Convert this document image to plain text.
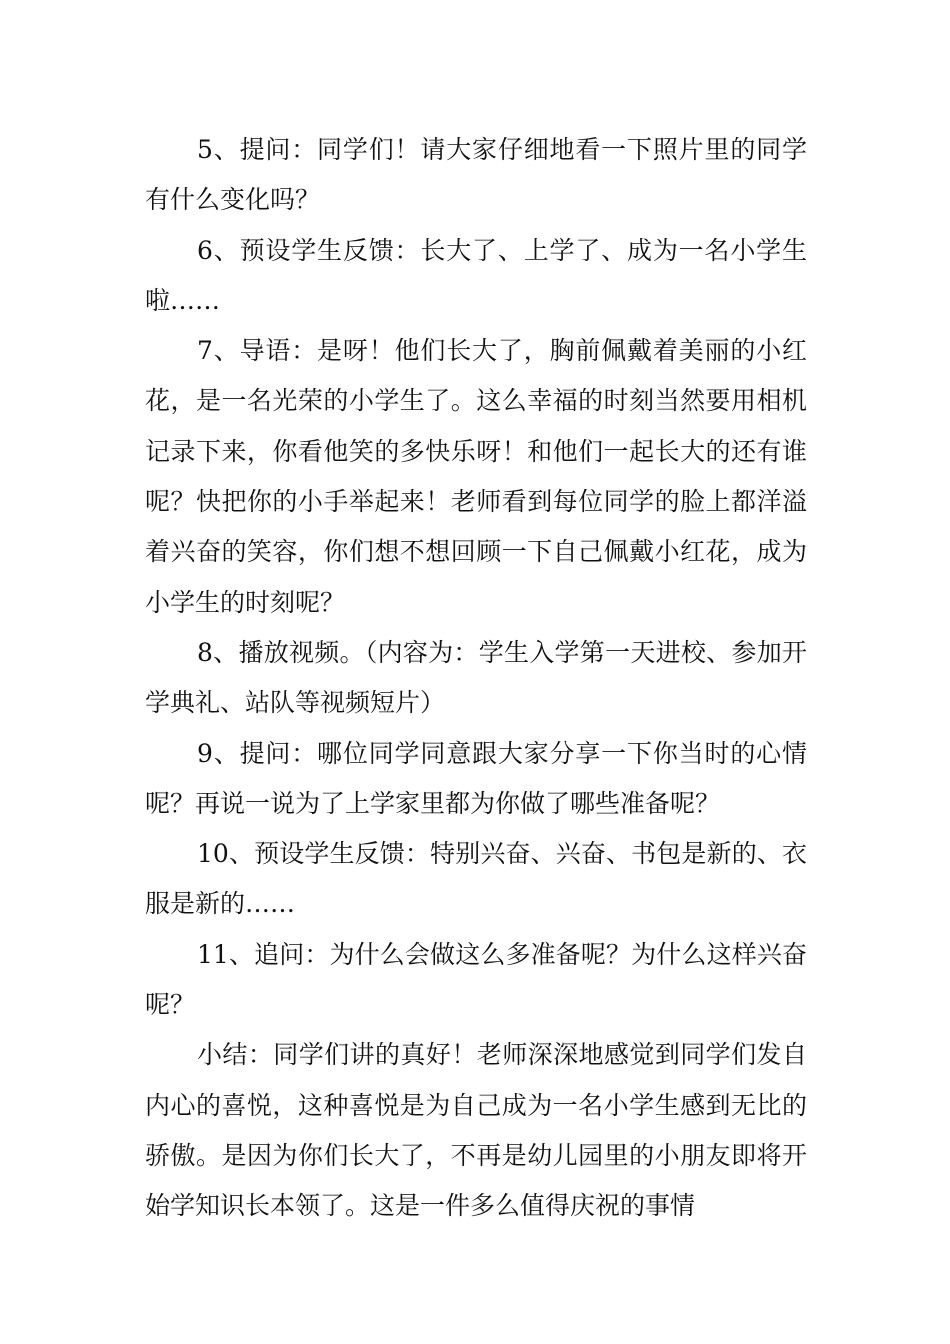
5、提问：同学们！请大家仔细地看一下照片里的同学有什么变化吗？

6、预设学生反馈：长大了、上学了、成为一名小学生啦……

7、导语：是呀！他们长大了，胸前佩戴着美丽的小红花，是一名光荣的小学生了。这么幸福的时刻当然要用相机记录下来，你看他笑的多快乐呀！和他们一起长大的还有谁呢？快把你的小手举起来！老师看到每位同学的脸上都洋溢着兴奋的笑容，你们想不想回顾一下自己佩戴小红花，成为小学生的时刻呢？

8、播放视频。（内容为：学生入学第一天进校、参加开学典礼、站队等视频短片）

9、提问：哪位同学同意跟大家分享一下你当时的心情呢？再说一说为了上学家里都为你做了哪些准备呢？

10、预设学生反馈：特别兴奋、兴奋、书包是新的、衣服是新的……

11、追问：为什么会做这么多准备呢？为什么这样兴奋呢？

小结：同学们讲的真好！老师深深地感觉到同学们发自内心的喜悦，这种喜悦是为自己成为一名小学生感到无比的骄傲。是因为你们长大了，不再是幼儿园里的小朋友即将开始学知识长本领了。这是一件多么值得庆祝的事情
